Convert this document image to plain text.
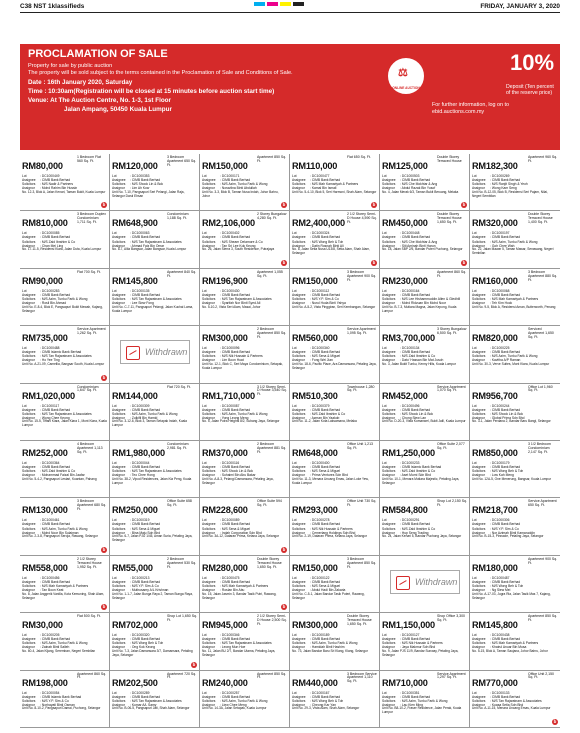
C38 NST 1klassifieds	FRIDAY, JANUARY 3, 2020
PROCLAMATION OF SALE
Property for sale by public auction
The property will be sold subject to the terms contained in the Proclamation of Sale and Conditions of Sale.
Date : 16th January 2020, Saturday
Time : 10:30am(Registration will be closed at 15 minutes before auction start time)
Venue: At The Auction Centre, No. 1-3, 1st Floor
Jalan Ampang, 50450 Kuala Lumpur
⚖
ONLINE AUCTION
For further information, log on to ebid.auctions.com.my
10%
Deposit (Ten percent of the reserve price)
RM80,000
1 Bedroom Flat 560 Sq. Ft.
Lot	: DC1000449
Assignee : CIMB Bank Berhad
Solicitors : M/S Nadir & Partners
Assignor : Mohd Rahim Bin Hussin
No. 12-3, Blok A, Jalan Kenari, Taman Bukit, Kuala Lumpur
b
RM120,000
3 Bedroom Apartment 650 Sq. Ft.
Lot	: DC1000353
Assignee : CIMB Bank Berhad
Solicitors : M/S Shook Lin & Bok
Assignor : Lim Ah Kow
Unit No. 7-10, Pangsapuri Seri Pelangi, Jalan Raja, Selangor Darul Ehsan
RM150,000
Apartment 850 Sq. Ft.
Lot	: DC1000171
Assignee : CIMB Bank Berhad
Solicitors : M/S Azim, Tunku Farik & Wong
Assignor : Norazlina Binti Abdullah
Unit No. 3-3, Blok B, Taman Nusa Indah, Johor Bahru, Johor
b
RM110,000
Flat 650 Sq. Ft.
Lot	: DC1000477
Assignee : CIMB Bank Berhad
Solicitors : M/S Mah Kamariyah & Partners
Assignor : Kamal Bin Ismail
Unit No. 5-4-10, Blok 5, Seri Harmoni, Shah Alam, Selangor
b
RM125,000
Double Storey Terraced House
Lot	: DC1000503
Assignee : CIMB Bank Berhad
Solicitors : M/S Che Mokhtar & Ang
Assignor : Abdul Razak Bin Yusof
No. 4, Jalan Merak 6/3, Taman Bukit Beruang, Melaka
b
RM182,300
Apartment 960 Sq. Ft.
Lot	: DC1000269
Assignee : CIMB Bank Berhad
Solicitors : M/S Ranjit Singh & Yeoh
Assignor : Wong Kam Seng
Unit No. B-12-05, Blok B, Residensi Seri Pajam, Nilai, Negeri Sembilan
RM810,000
3 Bedroom Duplex Condominium 1,711 Sq. Ft.
Lot	: DC1000085
Assignee : CIMB Bank Berhad
Solicitors : M/S Zaid Ibrahim & Co
Assignor : Chan Mei Ling
No. 17-11-5, Residensi Kiara, Jalan Duta, Kuala Lumpur
RM648,900
Condominium 1,188 Sq. Ft.
Lot	: DC1000063
Assignee : CIMB Bank Berhad
Solicitors : M/S Tan Rajaratnam & Associates
Assignor : Ahmad Faiz Bin Omar
No. 8-7, Alila Bangsar, Jalan Bangsar, Kuala Lumpur
RM2,106,000
2 Storey Bungalow 4,280 Sq. Ft.
Lot	: DC1000402
Assignee : CIMB Bank Berhad
Solicitors : M/S Shearn Delamore & Co
Assignor : Tan Sri Lee Kok Keong
No. 26, Jalan Sierra 3, South Residence, Putrajaya
b
RM2,400,000
2 1/2 Storey Semi-D House 4,590 Sq. Ft.
Lot	: DC1000324
Assignee : CIMB Bank Berhad
Solicitors : M/S Wong Beh & Toh
Assignor : Datin Rosnah Binti Ali
No. 8, Jalan Setia Nusa U13/8, Setia Alam, Shah Alam, Selangor
b
RM450,000
Double Storey Terraced House 1,650 Sq. Ft.
Lot	: DC1000448
Assignee : CIMB Bank Berhad
Solicitors : M/S Che Mokhtar & Ang
Assignor : Siti Aminah Binti Harun
No. 18, Jalan SBP 2/5, Bandar Puteri Puchong, Selangor
b
RM320,000
Double Storey Terraced House 1,400 Sq. Ft.
Lot	: DC1000197
Assignee : CIMB Bank Berhad
Solicitors : M/S Azim, Tunku Farik & Wong
Assignor : Goh Chee Wah
No. 22, Jalan Mawar 5, Taman Mawar, Senawang, Negeri Sembilan
RM90,000
Flat 700 Sq. Ft.
Lot	: DC1000283
Assignee : CIMB Bank Berhad
Solicitors : M/S Azim, Tunku Farik & Wong
Assignor : Rosli Bin Ahmad
Unit No. E-8-4, Blok E, Pangsapuri Bukit Mewah, Kajang, Selangor
RM145,800
Apartment 840 Sq. Ft.
Lot	: DC1000135
Assignee : CIMB Bank Berhad
Solicitors : M/S Tan Rajaratnam & Associates
Assignor : Lee Siew Fong
Unit No. C-7-11, Pangsapuri Pelangi, Jalan Kuchai Lama, Kuala Lumpur
RM196,900
Apartment 1,055 Sq. Ft.
Lot	: DC1000430
Assignee : CIMB Bank Berhad
Solicitors : M/S Tan Rajaratnam & Associates
Assignor : Syarifah Nor Binti Syed Ali
No. 5-10-2, Vista Seri Alam, Masai, Johor
RM150,000
3 Bedroom Apartment 900 Sq. Ft.
Lot	: DC1000112
Assignee : CIMB Bank Berhad
Solicitors : M/S Y.P. Sim & Co
Assignor : Nurul Huda Binti Yahya
Unit No. A-5-2, Vista Pinggiran, Seri Kembangan, Selangor
RM230,000
Apartment 860 Sq. Ft.
Lot	: DC1000164
Assignee : CIMB Bank Berhad
Solicitors : M/S Lee Hishammuddin Allen & Gledhill
Assignor : Mohd Ridzuan Bin Mohd Noor
Unit No. B-7-3, Mutiara Magna, Jalan Kepong, Kuala Lumpur
RM160,000
3 Bedroom Apartment 880 Sq. Ft.
Lot	: DC1000068
Assignee : CIMB Bank Berhad
Solicitors : M/S Mah Kamariyah & Partners
Assignor : Teh Kim Hock
Unit No. 9-5, Blok A, Residensi Aman, Butterworth, Penang
RM735,000
Service Apartment 1,262 Sq. Ft.
Lot	: DC1000488
Assignee : CIMB Islamic Bank Berhad
Solicitors : M/S Tan Rajaratnam & Associates
Assignor : Ho Yee Ting
Unit No. A-21-09, Camellia, Bangsar South, Kuala Lumpur
b
Withdrawn
RM300,000
2 Bedroom Apartment 850 Sq. Ft.
Lot	: DC1000096
Assignee : CIMB Bank Berhad
Solicitors : M/S Nik Hussain & Partners
Assignor : Lim Boon Huat
Unit No. 12-1, Blok C, Seri Maya Condominium, Setapak, Kuala Lumpur
RM560,000
Service Apartment 1,095 Sq. Ft.
Lot	: DC1000340
Assignee : CIMB Bank Berhad
Solicitors : M/S Sena & Miguel
Assignor : Fong Wei Jian
Unit No. 18-6, Pacific Place, Ara Damansara, Petaling Jaya, Selangor
RM3,700,000
3 Storey Bungalow 6,500 Sq. Ft.
Lot	: DC1000134
Assignee : CIMB Bank Berhad
Solicitors : M/S Zaid Ibrahim & Co
Assignor : Dato' Hassan Bin Mat Jusoh
No. 3, Jalan Bukit Tunku, Kenny Hills, Kuala Lumpur
RM820,000
Serviced Apartment 1,650 Sq. Ft.
Lot	: DC1000225
Assignee : CIMB Bank Berhad
Solicitors : M/S Azim, Tunku Farik & Wong
Assignor : Kavitha A/P Raman
Unit No. 30-3, Verve Suites, Mont Kiara, Kuala Lumpur
RM1,020,000
Condominium 1,647 Sq. Ft.
Lot	: DC1000117
Assignee : CIMB Bank Berhad
Solicitors : M/S Tan Rajaratnam & Associates
Assignor : Wong Chee Keong
Unit No. 15-5, Tiffani Kiara, Jalan Kiara 1, Mont Kiara, Kuala Lumpur
RM144,000
Flat 720 Sq. Ft.
Lot	: DC1000309
Assignee : CIMB Bank Berhad
Solicitors : M/S Azim, Tunku Farik & Wong
Assignor : Zulkifli Bin Hamid
Unit No. 3-12-6, Blok 3, Taman Setapak Indah, Kuala Lumpur
RM1,710,000
3 1/2 Storey Semi-D House 3,540 Sq. Ft.
Lot	: DC1000087
Assignee : CIMB Bank Berhad
Solicitors : M/S Azim, Tunku Farik & Wong
Assignor : Yong Leong Meng
No. 5, Jalan Putra Heights 8/2, Subang Jaya, Selangor
RM510,300
Townhouse 1,280 Sq. Ft.
Lot	: DC1000379
Assignee : CIMB Bank Berhad
Solicitors : M/S Zaid Ibrahim & Co
Assignor : Azman Bin Yaakob
Unit No. 11-2, Jalan Kota Laksamana, Melaka
RM452,000
Service Apartment 1,070 Sq. Ft.
Lot	: DC1000496
Assignee : CIMB Bank Berhad
Solicitors : M/S Shook Lin & Bok
Assignor : Chong Siew Lan
Unit No. D-20-3, Vista Komanwel, Bukit Jalil, Kuala Lumpur
RM956,700
Office Lot 1,960 Sq. Ft.
Lot	: DC1000244
Assignee : CIMB Bank Berhad
Solicitors : M/S Shook Lin & Bok
Assignor : Global Prima Sdn Bhd
No. 3-1, Jalan Perdana 2, Bandar Baru Bangi, Selangor
RM252,000
4 Bedroom Apartment 1,113 Sq. Ft.
Lot	: DC1000364
Assignee : CIMB Bank Berhad
Solicitors : M/S Zaid Ibrahim & Co
Assignor : Mohammad Faizal Bin Jaafar
Unit No. 5-4-2, Pangsapuri Lestari, Kuantan, Pahang
RM1,980,000
Condominium 2,981 Sq. Ft.
Lot	: DC1000044
Assignee : CIMB Bank Berhad
Solicitors : M/S Tan Rajaratnam & Associates
Assignor : Teo Chee Hong
Unit No. 38-2, Vipod Residences, Jalan Kia Peng, Kuala Lumpur
RM370,000
2 Bedroom Apartment 881 Sq. Ft.
Lot	: DC1000116
Assignee : CIMB Bank Berhad
Solicitors : M/S Shook Lin & Bok
Assignor : Suhaimi Bin Abu Bakar
Unit No. A-8-3, Pelangi Damansara, Petaling Jaya, Selangor
RM648,000
Office Unit 1,213 Sq. Ft.
Lot	: DC1000400
Assignee : CIMB Bank Berhad
Solicitors : M/S Sena & Miguel
Assignor : Prima Ventures Sdn Bhd
Unit No. 11-3, Menara Uncang Emas, Jalan Loke Yew, Kuala Lumpur
RM1,250,000
Office Suite 2,077 Sq. Ft.
Lot	: DC1000233
Assignee : CIMB Islamic Bank Berhad
Solicitors : M/S Zaid Ibrahim & Co
Assignor : Aset Murni Sdn Bhd
Unit No. 10-1, Menara Mutiara Majestic, Petaling Jaya, Selangor
RM850,000
3 1/2 Bedroom Condominium 2,147 Sq. Ft.
Lot	: DC1000179
Assignee : CIMB Bank Berhad
Solicitors : M/S Wong Beh & Toh
Assignor : Low Kah Meng
Unit No. 12A-5, One Menerung, Bangsar, Kuala Lumpur
RM130,000
3 Bedroom Apartment 680 Sq. Ft.
Lot	: DC1000461
Assignee : CIMB Bank Berhad
Solicitors : M/S Azim, Tunku Farik & Wong
Assignor : Mohd Noor Bin Sulaiman
Unit No. 2-3-8, Pangsapuri Seroja, Rawang, Selangor
b
RM250,000
Office Suite 658 Sq. Ft.
Lot	: DC1000319
Assignee : CIMB Bank Berhad
Solicitors : M/S Sena & Miguel
Assignor : Bina Maju Sdn Bhd
Unit No. 6-7, Jalan PJU 1/45, Aman Suria, Petaling Jaya, Selangor
RM228,600
Office Suite 594 Sq. Ft.
Lot	: DC1000089
Assignee : CIMB Bank Berhad
Solicitors : M/S Sena & Miguel
Assignor : Indah Corporation Sdn Bhd
Unit No. 3A-12, Dataran Prima, Kelana Jaya, Selangor
b
RM293,000
Office Unit 730 Sq. Ft.
Lot	: DC1000278
Assignee : CIMB Bank Berhad
Solicitors : M/S Nik Hussain & Partners
Assignor : Cemerlang Holdings Sdn Bhd
Unit No. 2-19, Dataran Prima, Kelana Jaya, Selangor
RM584,800
Shop Lot 2,150 Sq. Ft.
Lot	: DC1000291
Assignee : CIMB Bank Berhad
Solicitors : M/S Zaid Ibrahim & Co
Assignor : Hup Seng Trading
No. 24, Jalan Kenari 5, Bandar Puchong Jaya, Selangor
RM218,700
Service Apartment 650 Sq. Ft.
Lot	: DC1000306
Assignee : CIMB Bank Berhad
Solicitors : M/S Y.P. Sim & Co
Assignor : Nor Azimah Binti Kamaruddin
Unit No. B-15-3, Pinnacle, Petaling Jaya, Selangor
RM558,000
2 1/2 Storey Terraced House 1,952 Sq. Ft.
Lot	: DC1000456
Assignee : CIMB Bank Berhad
Solicitors : M/S Mah Kamariyah & Partners
Assignor : Tan Boon Keat
No. 8, Jalan Anggerik Vanilla, Kota Kemuning, Shah Alam, Selangor
b
RM55,000
2 Bedroom Apartment 530 Sq. Ft.
Lot	: DC1000213
Assignee : CIMB Bank Berhad
Solicitors : M/S Y.P. Sim & Co
Assignor : Muthusamy A/L Krishnan
Unit No. 1-1-7, Jalan Bunga Raya 2, Taman Bunga Raya, Selangor
RM280,000
Double Storey Terraced House 1,650 Sq. Ft.
Lot	: DC1000475
Assignee : CIMB Bank Berhad
Solicitors : M/S Mah Kamariyah & Partners
Assignor : Roslan Bin Abu
No. 15, Jalan Jasmin 3, Bandar Tasik Putri, Rawang, Selangor
b
RM150,000
3 Bedroom Apartment 850 Sq. Ft.
Lot	: DC1000122
Assignee : CIMB Bank Berhad
Solicitors : M/S Sena & Miguel
Assignor : Abdul Hadi Bin Zakaria
Unit No. C-5-1, Jalan Bandar Tasik Puteri, Rawang, Selangor
Withdrawn
RM180,000
Apartment 900 Sq. Ft.
Lot	: DC1000487
Assignee : CIMB Bank Berhad
Solicitors : M/S Wong Beh & Toh
Assignor : Ng Siew Mei
Unit No. A-17-03, Jugra Ria, Jalan Tasik Mas 7, Kajang, Selangor
RM30,000
Flat 500 Sq. Ft.
Lot	: DC1000205
Assignee : CIMB Bank Berhad
Solicitors : M/S Azim, Tunku Farik & Wong
Assignor : Zainab Binti Salleh
No. 60-4, Jalan Kijang, Seremban, Negeri Sembilan
RM702,000
Shop Lot 1,650 Sq. Ft.
Lot	: DC1000320
Assignee : CIMB Bank Berhad
Solicitors : M/S Wong Beh & Toh
Assignor : Ong Kok Keong
Unit No. 7-3, Jalan Damansara 3/7, Damansara, Petaling Jaya, Selangor
b
RM945,000
2 1/2 Storey Semi-D House 2,500 Sq. Ft.
Lot	: DC1000346
Assignee : CIMB Bank Berhad
Solicitors : M/S Tan Rajaratnam & Associates
Assignor : Leong Mun Hoe
No. 11, Jalan BU 2/7, Bandar Utama, Petaling Jaya, Selangor
RM300,000
Double Storey Terraced House 1,650 Sq. Ft.
Lot	: DC1000189
Assignee : CIMB Bank Berhad
Solicitors : M/S Azim, Tunku Farik & Wong
Assignor : Hamidah Binti Hashim
No. 73, Jalan Bandar Baru Sri Klang, Klang, Selangor
RM1,150,000
Shop Office 3,300 Sq. Ft.
Lot	: DC1000127
Assignee : CIMB Bank Berhad
Solicitors : M/S Nik Hussain & Partners
Assignor : Jaya Makmur Sdn Bhd
No. 9, Jalan PJS 11/9, Bandar Sunway, Petaling Jaya, Selangor
RM145,800
Apartment 850 Sq. Ft.
Lot	: DC1000438
Assignee : CIMB Bank Berhad
Solicitors : M/S Mah Kamariyah & Partners
Assignor : Khairul Anuar Bin Musa
No. 5-15, Blok A, Taman Saujana, Johor Bahru, Johor
RM198,000
Apartment 860 Sq. Ft.
Lot	: DC1000054
Assignee : CIMB Islamic Bank Berhad
Solicitors : M/S Y.P. Sim & Co
Assignor : Norhayati Binti Osman
Unit No. 8-10-2, Pangsapuri Damai, Puchong, Selangor
RM202,500
Apartment 720 Sq. Ft.
Lot	: DC1000289
Assignee : CIMB Bank Berhad
Solicitors : M/S Tan Rajaratnam & Associates
Assignor : Kumar A/L Samy
Unit No. B-06-5, Pangsapuri Jati, Shah Alam, Selangor
RM240,000
Apartment 850 Sq. Ft.
Lot	: DC1000257
Assignee : CIMB Bank Berhad
Solicitors : M/S Azim, Tunku Farik & Wong
Assignor : Liew Chee Meng
Unit No. 14-3A, Jalan Setapak, Kuala Lumpur
RM440,000
3 Bedroom Service Apartment 1,110 Sq. Ft.
Lot	: DC1000167
Assignee : CIMB Bank Berhad
Solicitors : M/S Wong Beh & Toh
Assignor : Cheong Kar Yan
Unit No. 29-3, Vista Alam, Shah Alam, Selangor
RM710,000
Service Apartment 1,297 Sq. Ft.
Lot	: DC1000351
Assignee : CIMB Bank Berhad
Solicitors : M/S Azim, Tunku Farik & Wong
Assignor : Lau Kien Ming
Unit No. B8-10-2, Fraser Residence, Jalan Perak, Kuala Lumpur
RM770,000
Office Unit 2,150 Sq. Ft.
Lot	: DC1000133
Assignee : CIMB Bank Berhad
Solicitors : M/S Tan Rajaratnam & Associates
Assignor : Kuasa Setia Sdn Bhd
Unit No. A-11-15, Menara Uncang Emas, Kuala Lumpur
b
